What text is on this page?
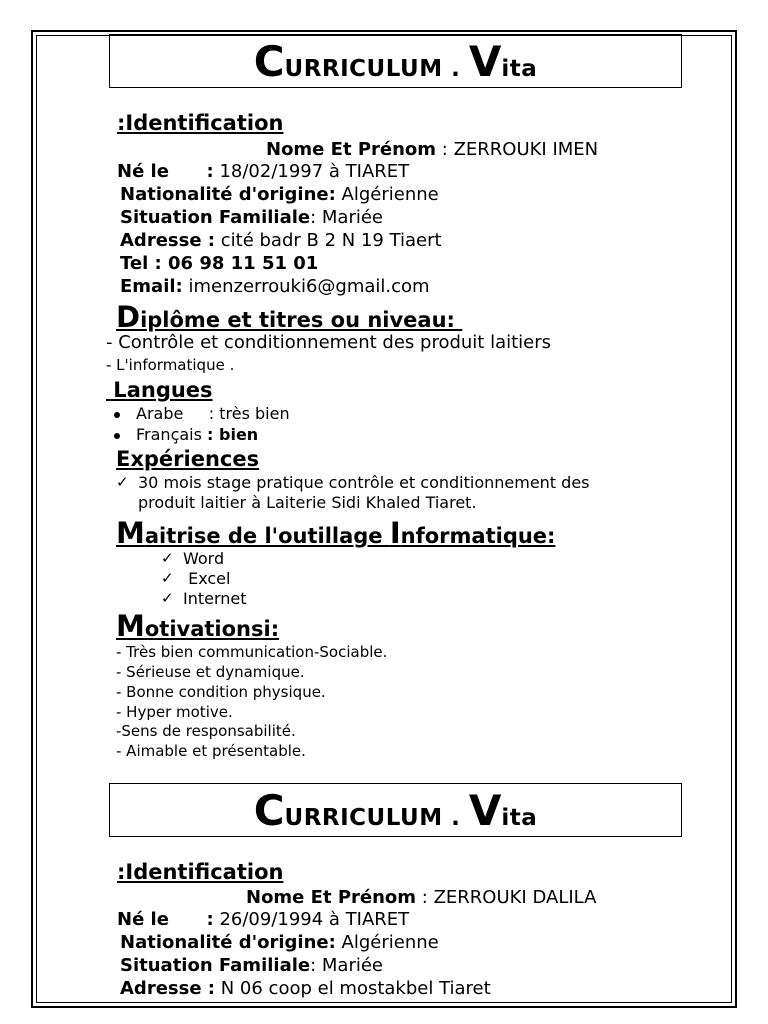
CURRICULUM . Vita
:Identification
Nome Et Prénom : ZERROUKI IMEN
Né le      : 18/02/1997 à TIARET
Nationalité d'origine: Algérienne
Situation Familiale: Mariée
Adresse : cité badr B 2 N 19 Tiaert
Tel : 06 98 11 51 01
Email: imenzerrouki6@gmail.com
Diplôme et titres ou niveau:
- Contrôle et conditionnement des produit laitiers
- L'informatique .
Langues
Arabe     : très bien
Français : bien
Expériences
✓ 30 mois stage pratique contrôle et conditionnement des
produit laitier à Laiterie Sidi Khaled Tiaret.
Maitrise de l'outillage Informatique:
✓ Word
✓ Excel
✓ Internet
Motivationsi:
- Très bien communication-Sociable.
- Sérieuse et dynamique.
- Bonne condition physique.
- Hyper motive.
-Sens de responsabilité.
- Aimable et présentable.
CURRICULUM . Vita
:Identification
Nome Et Prénom : ZERROUKI DALILA
Né le      : 26/09/1994 à TIARET
Nationalité d'origine: Algérienne
Situation Familiale: Mariée
Adresse : N 06 coop el mostakbel Tiaret
